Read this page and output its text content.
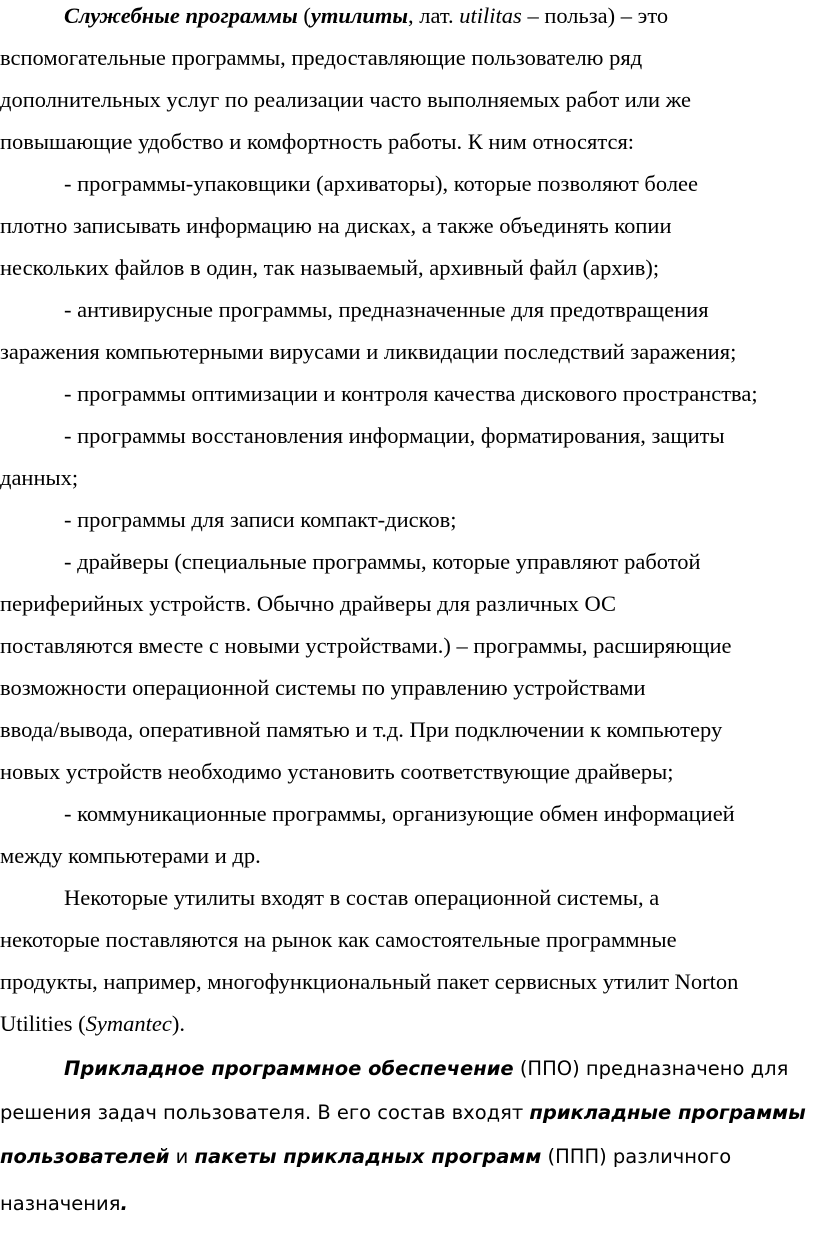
Служебные программы (утилиты, лат. utilitas – польза) – это
вспомогательные программы, предоставляющие пользователю ряд
дополнительных услуг по реализации часто выполняемых работ или же
повышающие удобство и комфортность работы. К ним относятся:
- программы-упаковщики (архиваторы), которые позволяют более
плотно записывать информацию на дисках, а также объединять копии
нескольких файлов в один, так называемый, архивный файл (архив);
- антивирусные программы, предназначенные для предотвращения
заражения компьютерными вирусами и ликвидации последствий заражения;
- программы оптимизации и контроля качества дискового пространства;
- программы восстановления информации, форматирования, защиты
данных;
- программы для записи компакт-дисков;
- драйверы (специальные программы, которые управляют работой
периферийных устройств. Обычно драйверы для различных ОС
поставляются вместе с новыми устройствами.) – программы, расширяющие
возможности операционной системы по управлению устройствами
ввода/вывода, оперативной памятью и т.д. При подключении к компьютеру
новых устройств необходимо установить соответствующие драйверы;
- коммуникационные программы, организующие обмен информацией
между компьютерами и др.
Некоторые утилиты входят в состав операционной системы, а
некоторые поставляются на рынок как самостоятельные программные
продукты, например, многофункциональный пакет сервисных утилит Norton
Utilities (Symantec).
Прикладное программное обеспечение (ППО) предназначено для
решения задач пользователя. В его состав входят прикладные программы
пользователей и пакеты прикладных программ (ППП) различного
назначения.
